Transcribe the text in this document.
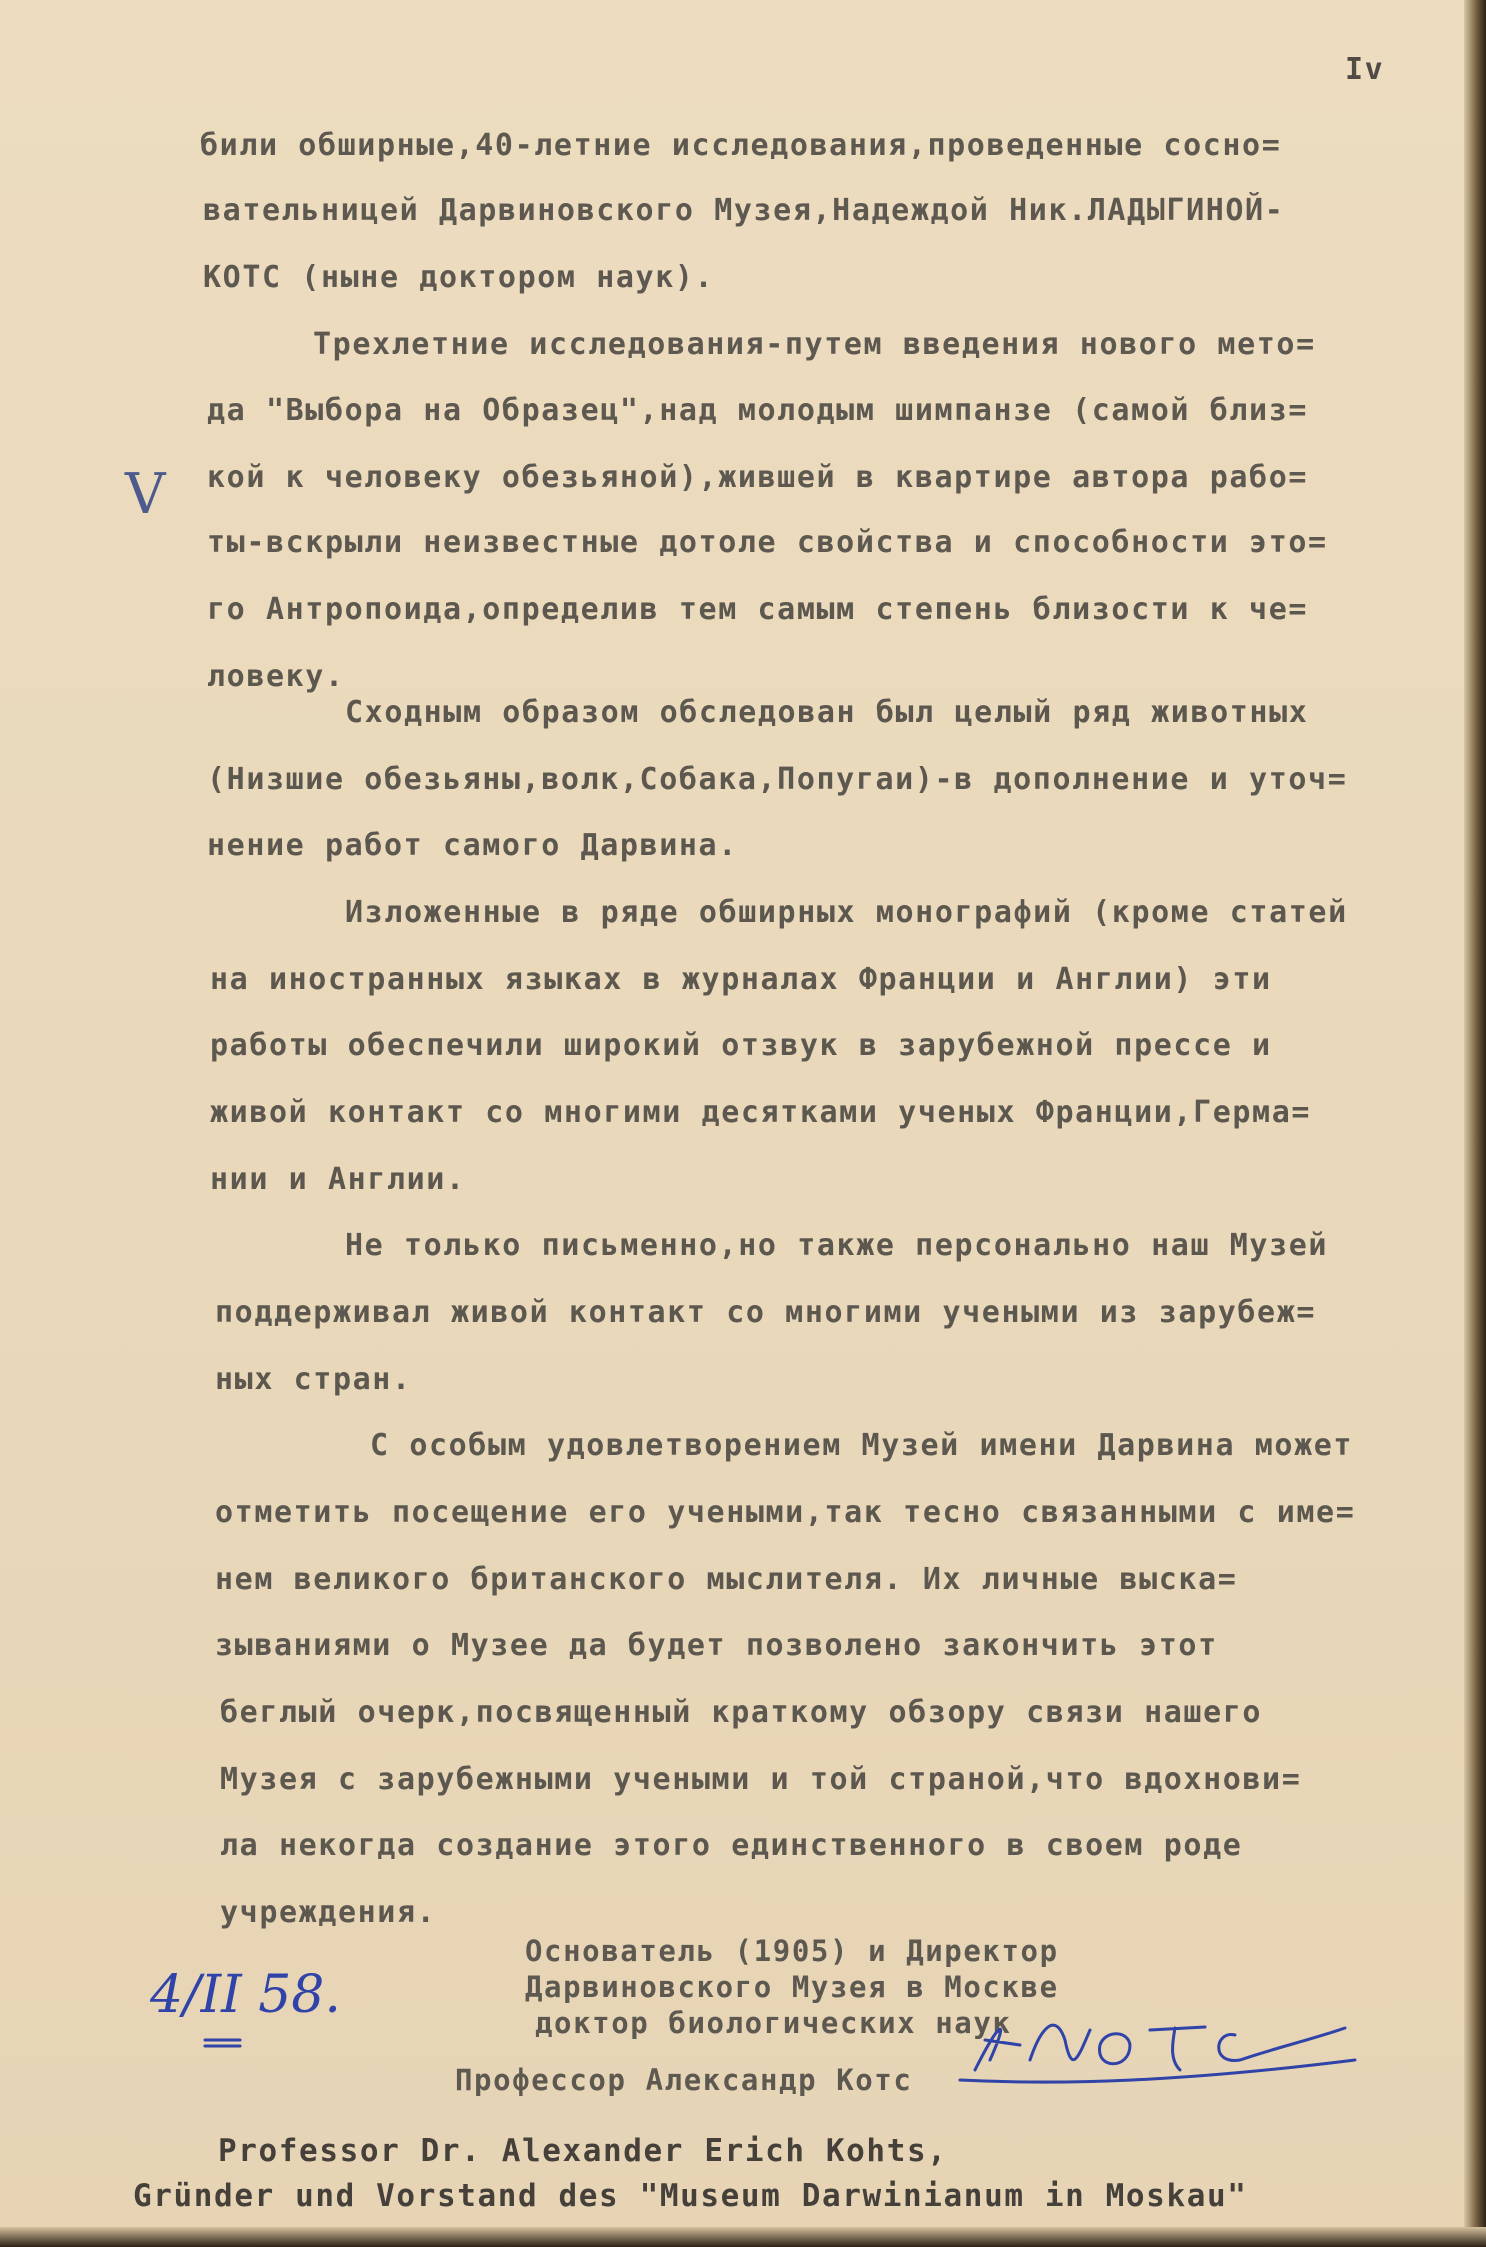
Iv

V

били обширные,40-летние исследования,проведенные сосно=

вательницей Дарвиновского Музея,Надеждой Ник.ЛАДЫГИНОЙ-

КОТС (ныне доктором наук).

Трехлетние исследования-путем введения нового мето=

да "Выбора на Образец",над молодым шимпанзе (самой близ=

кой к человеку обезьяной),жившей в квартире автора рабо=

ты-вскрыли неизвестные дотоле свойства и способности это=

го Антропоида,определив тем самым степень близости к че=

ловеку.

Сходным образом обследован был целый ряд животных

(Низшие обезьяны,волк,Собака,Попугаи)-в дополнение и уточ=

нение работ самого Дарвина.

Изложенные в ряде обширных монографий (кроме статей

на иностранных языках в журналах Франции и Англии) эти

работы обеспечили широкий отзвук в зарубежной прессе и

живой контакт со многими десятками ученых Франции,Герма=

нии и Англии.

Не только письменно,но также персонально наш Музей

поддерживал живой контакт со многими учеными из зарубеж=

ных стран.

С особым удовлетворением Музей имени Дарвина может

отметить посещение его учеными,так тесно связанными с име=

нем великого британского мыслителя. Их личные выска=

зываниями о Музее да будет позволено закончить этот

беглый очерк,посвященный краткому обзору связи нашего

Музея с зарубежными учеными и той страной,что вдохнови=

ла некогда создание этого единственного в своем роде

учреждения.

Основатель (1905) и Директор

Дарвиновского Музея в Москве

доктор биологических наук

Профессор Александр Котс

4/II 58.

Professor Dr. Alexander Erich Kohts,

Gründer und Vorstand des "Museum Darwinianum in Moskau"
